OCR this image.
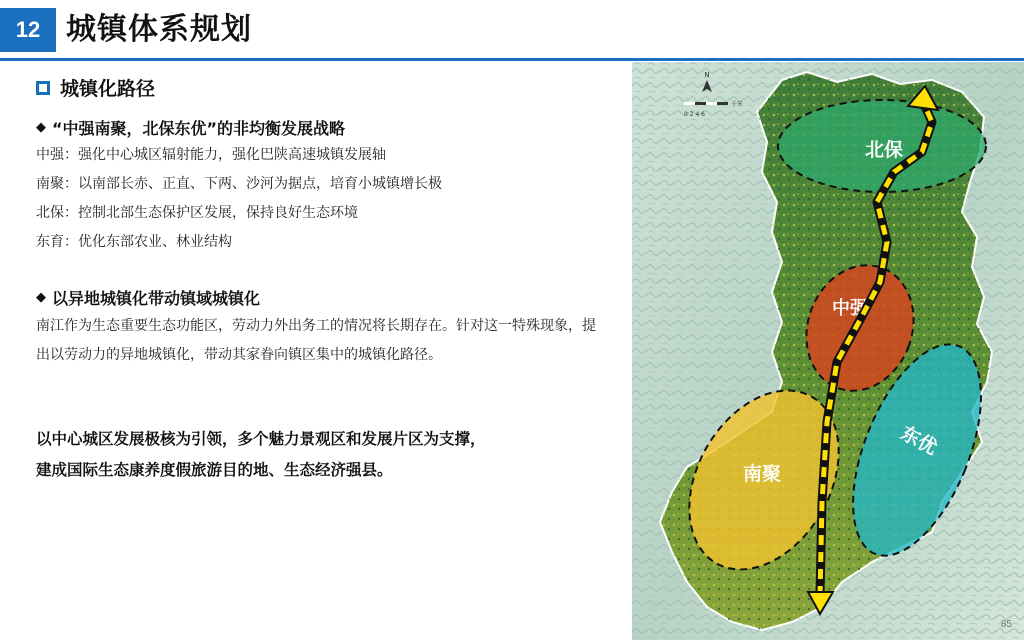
12 城镇体系规划
城镇化路径
◆ “中强南聚，北保东优”的非均衡发展战略
中强：强化中心城区辐射能力，强化巴陕高速城镇发展轴
南聚：以南部长赤、正直、下两、沙河为据点，培育小城镇增长极
北保：控制北部生态保护区发展，保持良好生态环境
东育：优化东部农业、林业结构
◆ 以异地城镇化带动镇域城镇化
南江作为生态重要生态功能区，劳动力外出务工的情况将长期存在。针对这一特殊现象，提出以劳动力的异地城镇化，带动其家眷向镇区集中的城镇化路径。
以中心城区发展极核为引领，多个魅力景观区和发展片区为支撑，
建成国际生态康养度假旅游目的地、生态经济强县。
北保
中强
东优
南聚
N
0 2 4 6
千米
85
